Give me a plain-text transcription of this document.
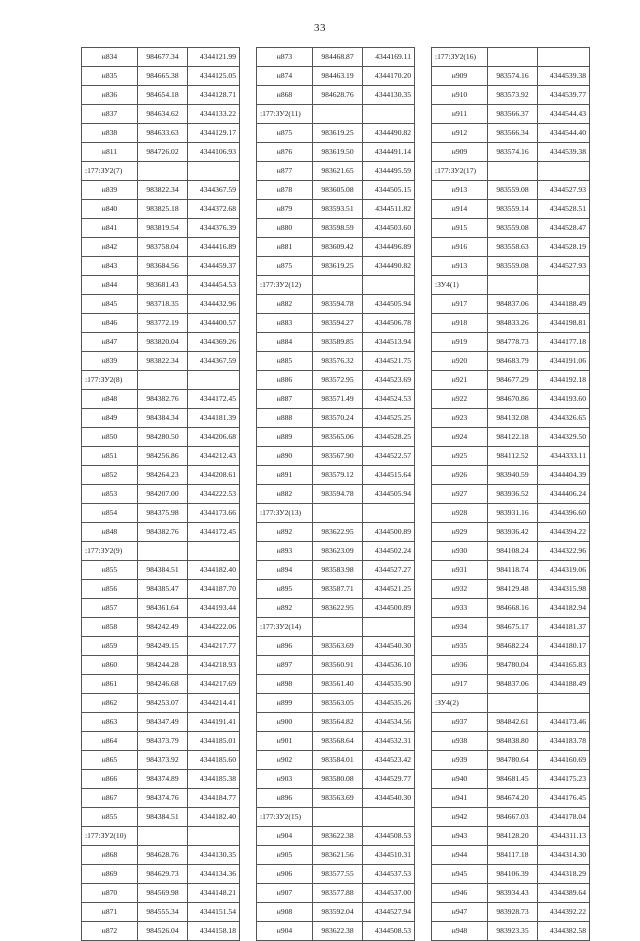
33
н834	984677.34	4344121.99
н835	984665.38	4344125.05
н836	984654.18	4344128.71
н837	984634.62	4344133.22
н838	984633.63	4344129.17
н811	984726.02	4344106.93
:177:ЗУ2(7)		
н839	983822.34	4344367.59
н840	983825.18	4344372.68
н841	983819.54	4344376.39
н842	983758.04	4344416.89
н843	983684.56	4344459.37
н844	983681.43	4344454.53
н845	983718.35	4344432.96
н846	983772.19	4344400.57
н847	983820.04	4344369.26
н839	983822.34	4344367.59
:177:ЗУ2(8)		
н848	984382.76	4344172.45
н849	984384.34	4344181.39
н850	984280.50	4344206.68
н851	984256.86	4344212.43
н852	984264.23	4344208.61
н853	984207.00	4344222.53
н854	984375.98	4344173.66
н848	984382.76	4344172.45
:177:ЗУ2(9)		
н855	984384.51	4344182.40
н856	984385.47	4344187.70
н857	984361.64	4344193.44
н858	984242.49	4344222.06
н859	984249.15	4344217.77
н860	984244.28	4344218.93
н861	984246.68	4344217.69
н862	984253.07	4344214.41
н863	984347.49	4344191.41
н864	984373.79	4344185.01
н865	984373.92	4344185.60
н866	984374.89	4344185.38
н867	984374.76	4344184.77
н855	984384.51	4344182.40
:177:ЗУ2(10)		
н868	984628.76	4344130.35
н869	984629.73	4344134.36
н870	984569.98	4344148.21
н871	984555.34	4344151.54
н872	984526.04	4344158.18
н873	984468.87	4344169.11
н874	984463.19	4344170.20
н868	984628.76	4344130.35
:177:ЗУ2(11)		
н875	983619.25	4344490.82
н876	983619.50	4344491.14
н877	983621.65	4344495.59
н878	983605.08	4344505.15
н879	983593.51	4344511.82
н880	983598.59	4344503.60
н881	983609.42	4344496.89
н875	983619.25	4344490.82
:177:ЗУ2(12)		
н882	983594.78	4344505.94
н883	983594.27	4344506.78
н884	983589.85	4344513.94
н885	983576.32	4344521.75
н886	983572.95	4344523.69
н887	983571.49	4344524.53
н888	983570.24	4344525.25
н889	983565.06	4344528.25
н890	983567.90	4344522.57
н891	983579.12	4344515.64
н882	983594.78	4344505.94
:177:ЗУ2(13)		
н892	983622.95	4344500.89
н893	983623.09	4344502.24
н894	983583.98	4344527.27
н895	983587.71	4344521.25
н892	983622.95	4344500.89
:177:ЗУ2(14)		
н896	983563.69	4344540.30
н897	983560.91	4344536.10
н898	983561.40	4344535.90
н899	983563.05	4344535.26
н900	983564.82	4344534.56
н901	983568.64	4344532.31
н902	983584.01	4344523.42
н903	983580.08	4344529.77
н896	983563.69	4344540.30
:177:ЗУ2(15)		
н904	983622.38	4344508.53
н905	983621.56	4344510.31
н906	983577.55	4344537.53
н907	983577.88	4344537.00
н908	983592.04	4344527.94
н904	983622.38	4344508.53
:177:ЗУ2(16)		
н909	983574.16	4344539.38
н910	983573.92	4344539.77
н911	983566.37	4344544.43
н912	983566.34	4344544.40
н909	983574.16	4344539.38
:177:ЗУ2(17)		
н913	983559.08	4344527.93
н914	983559.14	4344528.51
н915	983559.08	4344528.47
н916	983558.63	4344528.19
н913	983559.08	4344527.93
:ЗУ4(1)		
н917	984837.06	4344188.49
н918	984833.26	4344198.81
н919	984778.73	4344177.18
н920	984683.79	4344191.06
н921	984677.29	4344192.18
н922	984670.86	4344193.60
н923	984132.08	4344326.65
н924	984122.18	4344329.50
н925	984112.52	4344333.11
н926	983940.59	4344404.39
н927	983936.52	4344406.24
н928	983931.16	4344396.60
н929	983936.42	4344394.22
н930	984108.24	4344322.96
н931	984118.74	4344319.06
н932	984129.48	4344315.98
н933	984668.16	4344182.94
н934	984675.17	4344181.37
н935	984682.24	4344180.17
н936	984780.04	4344165.83
н917	984837.06	4344188.49
:ЗУ4(2)		
н937	984842.61	4344173.46
н938	984838.80	4344183.78
н939	984780.64	4344160.69
н940	984681.45	4344175.23
н941	984674.20	4344176.45
н942	984667.03	4344178.04
н943	984128.20	4344311.13
н944	984117.18	4344314.30
н945	984106.39	4344318.29
н946	983934.43	4344389.64
н947	983928.73	4344392.22
н948	983923.35	4344382.58
